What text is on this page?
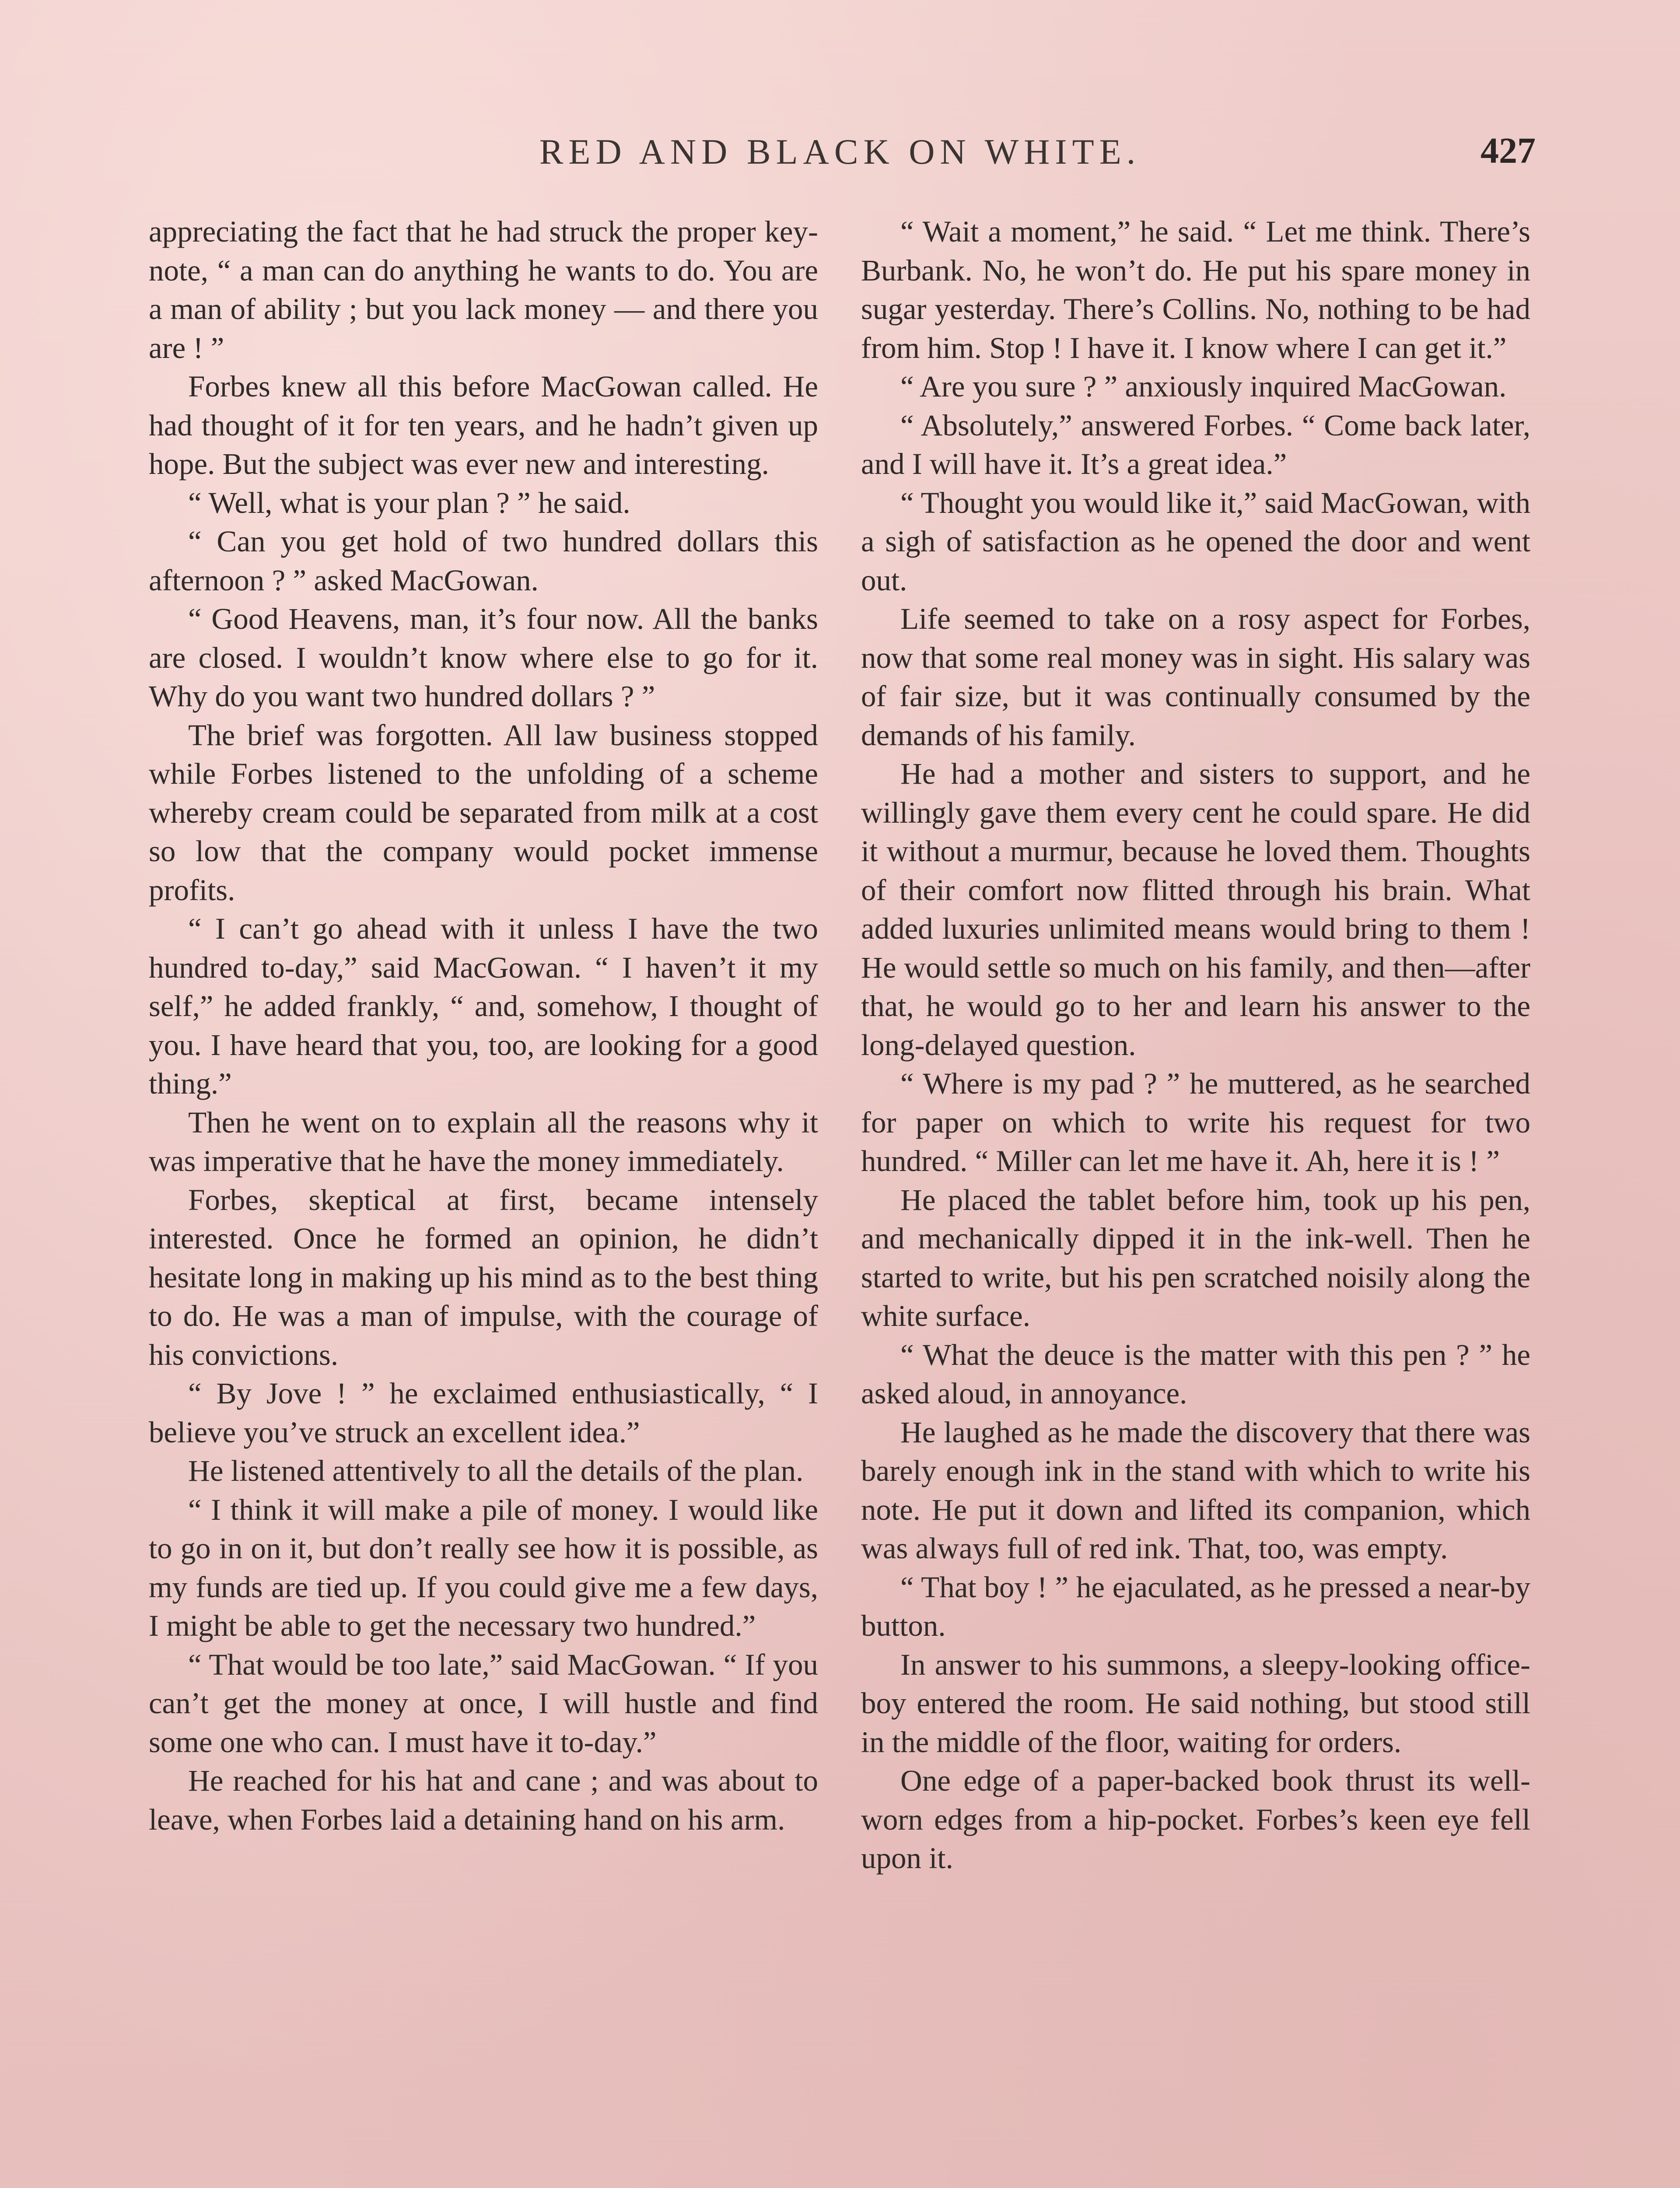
RED AND BLACK ON WHITE.	427

appreciating the fact that he had struck the proper key-note, “ a man can do anything he wants to do. You are a man of ability ; but you lack money — and there you are ! ”

Forbes knew all this before MacGowan called. He had thought of it for ten years, and he hadn’t given up hope. But the subject was ever new and interesting.

“ Well, what is your plan ? ” he said.

“ Can you get hold of two hundred dollars this afternoon ? ” asked MacGowan.

“ Good Heavens, man, it’s four now. All the banks are closed. I wouldn’t know where else to go for it. Why do you want two hundred dollars ? ”

The brief was forgotten. All law business stopped while Forbes listened to the unfolding of a scheme whereby cream could be separated from milk at a cost so low that the company would pocket immense profits.

“ I can’t go ahead with it unless I have the two hundred to-day,” said MacGowan. “ I haven’t it my self,” he added frankly, “ and, somehow, I thought of you. I have heard that you, too, are looking for a good thing.”

Then he went on to explain all the reasons why it was imperative that he have the money immediately.

Forbes, skeptical at first, became intensely interested. Once he formed an opinion, he didn’t hesitate long in making up his mind as to the best thing to do. He was a man of impulse, with the courage of his convictions.

“ By Jove ! ” he exclaimed enthusiastically, “ I believe you’ve struck an excellent idea.”

He listened attentively to all the details of the plan.

“ I think it will make a pile of money. I would like to go in on it, but don’t really see how it is possible, as my funds are tied up. If you could give me a few days, I might be able to get the necessary two hundred.”

“ That would be too late,” said MacGowan. “ If you can’t get the money at once, I will hustle and find some one who can. I must have it to-day.”

He reached for his hat and cane ; and was about to leave, when Forbes laid a detaining hand on his arm.

“ Wait a moment,” he said. “ Let me think. There’s Burbank. No, he won’t do. He put his spare money in sugar yesterday. There’s Collins. No, nothing to be had from him. Stop ! I have it. I know where I can get it.”

“ Are you sure ? ” anxiously inquired MacGowan.

“ Absolutely,” answered Forbes. “ Come back later, and I will have it. It’s a great idea.”

“ Thought you would like it,” said MacGowan, with a sigh of satisfaction as he opened the door and went out.

Life seemed to take on a rosy aspect for Forbes, now that some real money was in sight. His salary was of fair size, but it was continually consumed by the demands of his family.

He had a mother and sisters to support, and he willingly gave them every cent he could spare. He did it without a murmur, because he loved them. Thoughts of their comfort now flitted through his brain. What added luxuries unlimited means would bring to them ! He would settle so much on his family, and then—after that, he would go to her and learn his answer to the long-delayed question.

“ Where is my pad ? ” he muttered, as he searched for paper on which to write his request for two hundred. “ Miller can let me have it. Ah, here it is ! ”

He placed the tablet before him, took up his pen, and mechanically dipped it in the ink-well. Then he started to write, but his pen scratched noisily along the white surface.

“ What the deuce is the matter with this pen ? ” he asked aloud, in annoyance.

He laughed as he made the discovery that there was barely enough ink in the stand with which to write his note. He put it down and lifted its companion, which was always full of red ink. That, too, was empty.

“ That boy ! ” he ejaculated, as he pressed a near-by button.

In answer to his summons, a sleepy-looking office-boy entered the room. He said nothing, but stood still in the middle of the floor, waiting for orders.

One edge of a paper-backed book thrust its well-worn edges from a hip-pocket. Forbes’s keen eye fell upon it.
